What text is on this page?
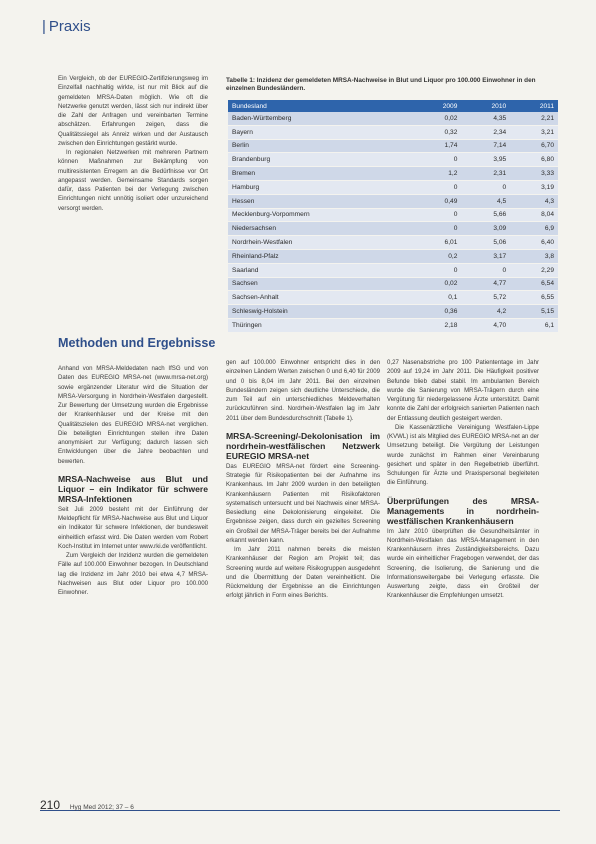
| Praxis

Ein Vergleich, ob der EUREGIO-Zertifizierungsweg im Einzelfall nachhaltig wirkte, ist nur mit Blick auf die gemeldeten MRSA-Daten möglich. Wie oft die Netzwerke genutzt werden, lässt sich nur indirekt über die Zahl der Anfragen und vereinbarten Termine abschätzen. Erfahrungen zeigen, dass die Qualitätssiegel als Anreiz wirken und der Austausch zwischen den Einrichtungen gestärkt wurde.

In regionalen Netzwerken mit mehreren Partnern können Maßnahmen zur Bekämpfung von multiresistenten Erregern an die Bedürfnisse vor Ort angepasst werden. Gemeinsame Standards sorgen dafür, dass Patienten bei der Verlegung zwischen Einrichtungen nicht unnötig isoliert oder unzureichend versorgt werden.

Methoden und Ergebnisse

Anhand von MRSA-Meldedaten nach IfSG und von Daten des EUREGIO MRSA-net (www.mrsa-net.org) sowie ergänzender Literatur wird die Situation der MRSA-Versorgung in Nordrhein-Westfalen dargestellt. Zur Bewertung der Umsetzung wurden die Ergebnisse der Krankenhäuser und der Kreise mit den Qualitätszielen des EUREGIO MRSA-net verglichen. Die beteiligten Einrichtungen stellen ihre Daten anonymisiert zur Verfügung; dadurch lassen sich Entwicklungen über die Jahre beobachten und bewerten.

MRSA-Nachweise aus Blut und Liquor – ein Indikator für schwere MRSA-Infektionen

Seit Juli 2009 besteht mit der Einführung der Meldepflicht für MRSA-Nachweise aus Blut und Liquor ein Indikator für schwere Infektionen, der bundesweit einheitlich erfasst wird. Die Daten werden vom Robert Koch-Institut im Internet unter www.rki.de veröffentlicht.

Zum Vergleich der Inzidenz wurden die gemeldeten Fälle auf 100.000 Einwohner bezogen. In Deutschland lag die Inzidenz im Jahr 2010 bei etwa 4,7 MRSA-Nachweisen aus Blut oder Liquor pro 100.000 Einwohner.

Tabelle 1: Inzidenz der gemeldeten MRSA-Nachweise in Blut und Liquor pro 100.000 Einwohner in den einzelnen Bundesländern.
Bundesland	2009	2010	2011
Baden-Württemberg	0,02	4,35	2,21
Bayern	0,32	2,34	3,21
Berlin	1,74	7,14	6,70
Brandenburg	0	3,95	6,80
Bremen	1,2	2,31	3,33
Hamburg	0	0	3,19
Hessen	0,49	4,5	4,3
Mecklenburg-Vorpommern	0	5,66	8,04
Niedersachsen	0	3,09	6,9
Nordrhein-Westfalen	6,01	5,06	6,40
Rheinland-Pfalz	0,2	3,17	3,8
Saarland	0	0	2,29
Sachsen	0,02	4,77	6,54
Sachsen-Anhalt	0,1	5,72	6,55
Schleswig-Holstein	0,36	4,2	5,15
Thüringen	2,18	4,70	6,1

gen auf 100.000 Einwohner entspricht dies in den einzelnen Ländern Werten zwischen 0 und 6,40 für 2009 und 0 bis 8,04 im Jahr 2011. Bei den einzelnen Bundesländern zeigen sich deutliche Unterschiede, die zum Teil auf ein unterschiedliches Meldeverhalten zurückzuführen sind. Nordrhein-Westfalen lag im Jahr 2011 über dem Bundesdurchschnitt (Tabelle 1).

MRSA-Screening/-Dekolonisation im nordrhein-westfälischen Netzwerk EUREGIO MRSA-net

Das EUREGIO MRSA-net fördert eine Screening-Strategie für Risikopatienten bei der Aufnahme ins Krankenhaus. Im Jahr 2009 wurden in den beteiligten Krankenhäusern Patienten mit Risikofaktoren systematisch untersucht und bei Nachweis einer MRSA-Besiedlung eine Dekolonisierung eingeleitet. Die Ergebnisse zeigen, dass durch ein gezieltes Screening ein Großteil der MRSA-Träger bereits bei der Aufnahme erkannt werden kann.

Im Jahr 2011 nahmen bereits die meisten Krankenhäuser der Region am Projekt teil; das Screening wurde auf weitere Risikogruppen ausgedehnt und die Übermittlung der Daten vereinheitlicht. Die Rückmeldung der Ergebnisse an die Einrichtungen erfolgt jährlich in Form eines Berichts.

0,27 Nasenabstriche pro 100 Patiententage im Jahr 2009 auf 19,24 im Jahr 2011. Die Häufigkeit positiver Befunde blieb dabei stabil. Im ambulanten Bereich wurde die Sanierung von MRSA-Trägern durch eine Vergütung für niedergelassene Ärzte unterstützt. Damit konnte die Zahl der erfolgreich sanierten Patienten nach der Entlassung deutlich gesteigert werden.

Die Kassenärztliche Vereinigung Westfalen-Lippe (KVWL) ist als Mitglied des EUREGIO MRSA-net an der Umsetzung beteiligt. Die Vergütung der Leistungen wurde zunächst im Rahmen einer Vereinbarung gesichert und später in den Regelbetrieb überführt. Schulungen für Ärzte und Praxispersonal begleiteten die Einführung.

Überprüfungen des MRSA-Managements in nordrhein-westfälischen Krankenhäusern

Im Jahr 2010 überprüften die Gesundheitsämter in Nordrhein-Westfalen das MRSA-Management in den Krankenhäusern ihres Zuständigkeitsbereichs. Dazu wurde ein einheitlicher Fragebogen verwendet, der das Screening, die Isolierung, die Sanierung und die Informationsweitergabe bei Verlegung erfasste. Die Auswertung zeigte, dass ein Großteil der Krankenhäuser die Empfehlungen umsetzt.

210 Hyg Med 2012; 37 – 6
